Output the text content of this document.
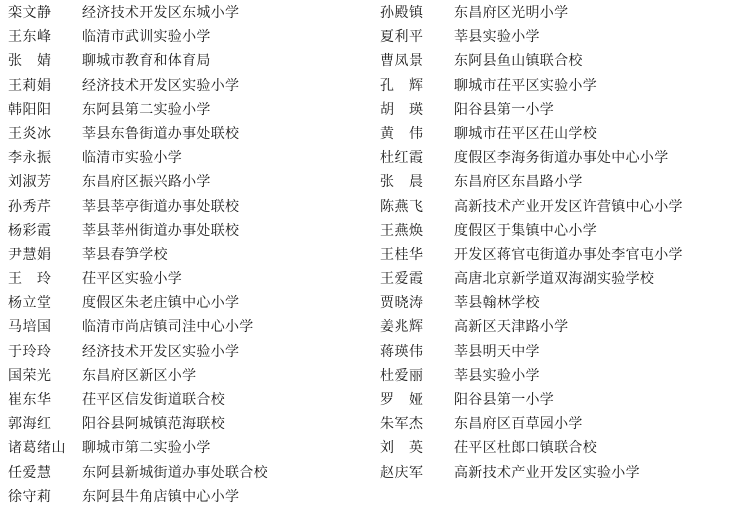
栾文静	经济技术开发区东城小学
王东峰	临清市武训实验小学
张　婧	聊城市教育和体育局
王莉娟	经济技术开发区实验小学
韩阳阳	东阿县第二实验小学
王炎冰	莘县东鲁街道办事处联校
李永振	临清市实验小学
刘淑芳	东昌府区振兴路小学
孙秀芹	莘县莘亭街道办事处联校
杨彩霞	莘县莘州街道办事处联校
尹慧娟	莘县春笋学校
王　玲	茌平区实验小学
杨立堂	度假区朱老庄镇中心小学
马培国	临清市尚店镇司洼中心小学
于玲玲	经济技术开发区实验小学
国荣光	东昌府区新区小学
崔东华	茌平区信发街道联合校
郭海红	阳谷县阿城镇范海联校
诸葛绪山	聊城市第二实验小学
任爱慧	东阿县新城街道办事处联合校
徐守莉	东阿县牛角店镇中心小学
孙殿镇	东昌府区光明小学
夏利平	莘县实验小学
曹凤景	东阿县鱼山镇联合校
孔　辉	聊城市茌平区实验小学
胡　瑛	阳谷县第一小学
黄　伟	聊城市茌平区茌山学校
杜红霞	度假区李海务街道办事处中心小学
张　晨	东昌府区东昌路小学
陈燕飞	高新技术产业开发区许营镇中心小学
王燕焕	度假区于集镇中心小学
王桂华	开发区蒋官屯街道办事处李官屯小学
王爱霞	高唐北京新学道双海湖实验学校
贾晓涛	莘县翰林学校
姜兆辉	高新区天津路小学
蒋瑛伟	莘县明天中学
杜爱丽	莘县实验小学
罗　娅	阳谷县第一小学
朱军杰	东昌府区百草园小学
刘　英	茌平区杜郎口镇联合校
赵庆军	高新技术产业开发区实验小学
